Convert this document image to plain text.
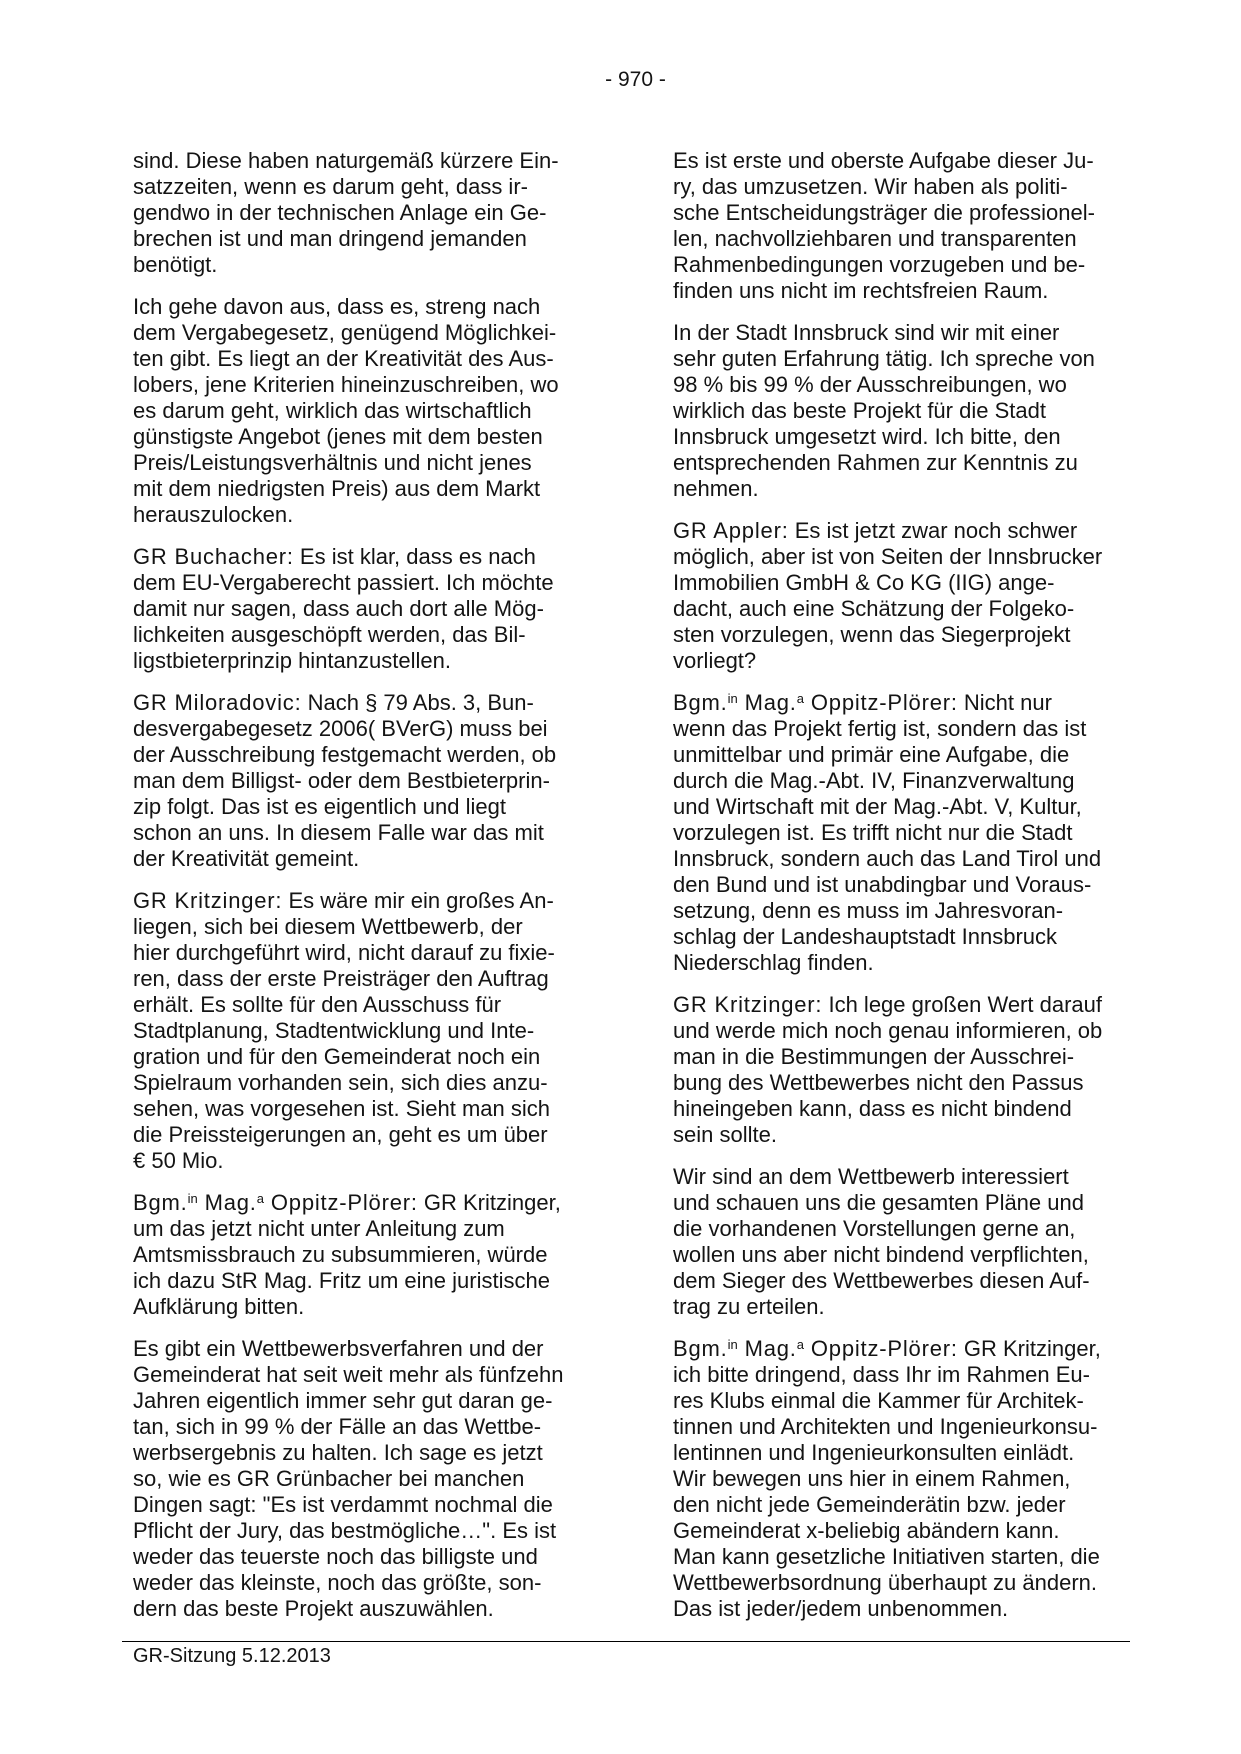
- 970 -

sind. Diese haben naturgemäß kürzere Ein-
satzzeiten, wenn es darum geht, dass ir-
gendwo in der technischen Anlage ein Ge-
brechen ist und man dringend jemanden
benötigt.

Ich gehe davon aus, dass es, streng nach
dem Vergabegesetz, genügend Möglichkei-
ten gibt. Es liegt an der Kreativität des Aus-
lobers, jene Kriterien hineinzuschreiben, wo
es darum geht, wirklich das wirtschaftlich
günstigste Angebot (jenes mit dem besten
Preis/Leistungsverhältnis und nicht jenes
mit dem niedrigsten Preis) aus dem Markt
herauszulocken.

GR Buchacher: Es ist klar, dass es nach
dem EU-Vergaberecht passiert. Ich möchte
damit nur sagen, dass auch dort alle Mög-
lichkeiten ausgeschöpft werden, das Bil-
ligstbieterprinzip hintanzustellen.

GR Miloradovic: Nach § 79 Abs. 3, Bun-
desvergabegesetz 2006( BVerG) muss bei
der Ausschreibung festgemacht werden, ob
man dem Billigst- oder dem Bestbieterprin-
zip folgt. Das ist es eigentlich und liegt
schon an uns. In diesem Falle war das mit
der Kreativität gemeint.

GR Kritzinger: Es wäre mir ein großes An-
liegen, sich bei diesem Wettbewerb, der
hier durchgeführt wird, nicht darauf zu fixie-
ren, dass der erste Preisträger den Auftrag
erhält. Es sollte für den Ausschuss für
Stadtplanung, Stadtentwicklung und Inte-
gration und für den Gemeinderat noch ein
Spielraum vorhanden sein, sich dies anzu-
sehen, was vorgesehen ist. Sieht man sich
die Preissteigerungen an, geht es um über
€ 50 Mio.

Bgm.$^{in}$ Mag.$^a$ Oppitz-Plörer: GR Kritzinger,
um das jetzt nicht unter Anleitung zum
Amtsmissbrauch zu subsummieren, würde
ich dazu StR Mag. Fritz um eine juristische
Aufklärung bitten.

Es gibt ein Wettbewerbsverfahren und der
Gemeinderat hat seit weit mehr als fünfzehn
Jahren eigentlich immer sehr gut daran ge-
tan, sich in 99 % der Fälle an das Wettbe-
werbsergebnis zu halten. Ich sage es jetzt
so, wie es GR Grünbacher bei manchen
Dingen sagt: "Es ist verdammt nochmal die
Pflicht der Jury, das bestmögliche…". Es ist
weder das teuerste noch das billigste und
weder das kleinste, noch das größte, son-
dern das beste Projekt auszuwählen.

Es ist erste und oberste Aufgabe dieser Ju-
ry, das umzusetzen. Wir haben als politi-
sche Entscheidungsträger die professionel-
len, nachvollziehbaren und transparenten
Rahmenbedingungen vorzugeben und be-
finden uns nicht im rechtsfreien Raum.

In der Stadt Innsbruck sind wir mit einer
sehr guten Erfahrung tätig. Ich spreche von
98 % bis 99 % der Ausschreibungen, wo
wirklich das beste Projekt für die Stadt
Innsbruck umgesetzt wird. Ich bitte, den
entsprechenden Rahmen zur Kenntnis zu
nehmen.

GR Appler: Es ist jetzt zwar noch schwer
möglich, aber ist von Seiten der Innsbrucker
Immobilien GmbH & Co KG (IIG) ange-
dacht, auch eine Schätzung der Folgeko-
sten vorzulegen, wenn das Siegerprojekt
vorliegt?

Bgm.$^{in}$ Mag.$^a$ Oppitz-Plörer: Nicht nur
wenn das Projekt fertig ist, sondern das ist
unmittelbar und primär eine Aufgabe, die
durch die Mag.-Abt. IV, Finanzverwaltung
und Wirtschaft mit der Mag.-Abt. V, Kultur,
vorzulegen ist. Es trifft nicht nur die Stadt
Innsbruck, sondern auch das Land Tirol und
den Bund und ist unabdingbar und Voraus-
setzung, denn es muss im Jahresvoran-
schlag der Landeshauptstadt Innsbruck
Niederschlag finden.

GR Kritzinger: Ich lege großen Wert darauf
und werde mich noch genau informieren, ob
man in die Bestimmungen der Ausschrei-
bung des Wettbewerbes nicht den Passus
hineingeben kann, dass es nicht bindend
sein sollte.

Wir sind an dem Wettbewerb interessiert
und schauen uns die gesamten Pläne und
die vorhandenen Vorstellungen gerne an,
wollen uns aber nicht bindend verpflichten,
dem Sieger des Wettbewerbes diesen Auf-
trag zu erteilen.

Bgm.$^{in}$ Mag.$^a$ Oppitz-Plörer: GR Kritzinger,
ich bitte dringend, dass Ihr im Rahmen Eu-
res Klubs einmal die Kammer für Architek-
tinnen und Architekten und Ingenieurkonsu-
lentinnen und Ingenieurkonsulten einlädt.
Wir bewegen uns hier in einem Rahmen,
den nicht jede Gemeinderätin bzw. jeder
Gemeinderat x-beliebig abändern kann.
Man kann gesetzliche Initiativen starten, die
Wettbewerbsordnung überhaupt zu ändern.
Das ist jeder/jedem unbenommen.

GR-Sitzung 5.12.2013
